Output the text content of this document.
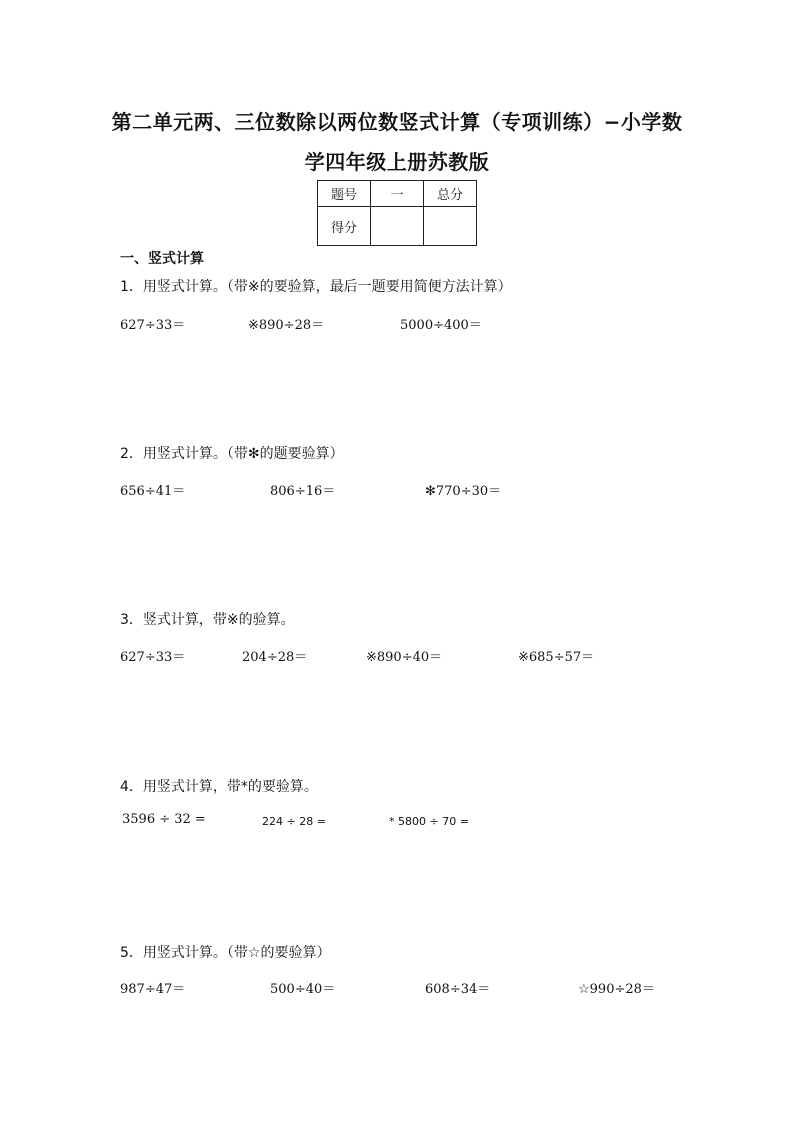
第二单元两、三位数除以两位数竖式计算（专项训练）−小学数
学四年级上册苏教版
题号	一	总分
得分		
一、竖式计算
1．用竖式计算。（带※的要验算，最后一题要用简便方法计算）
627÷33＝	※890÷28＝	5000÷400＝
2．用竖式计算。（带✻的题要验算）
656÷41＝	806÷16＝	✻770÷30＝
3．竖式计算，带※的验算。
627÷33＝	204÷28＝	※890÷40＝	※685÷57＝
4．用竖式计算，带*的要验算。
3596 ÷ 32 =	224 ÷ 28 =	* 5800 ÷ 70 =
5．用竖式计算。（带☆的要验算）
987÷47＝	500÷40＝	608÷34＝	☆990÷28＝
